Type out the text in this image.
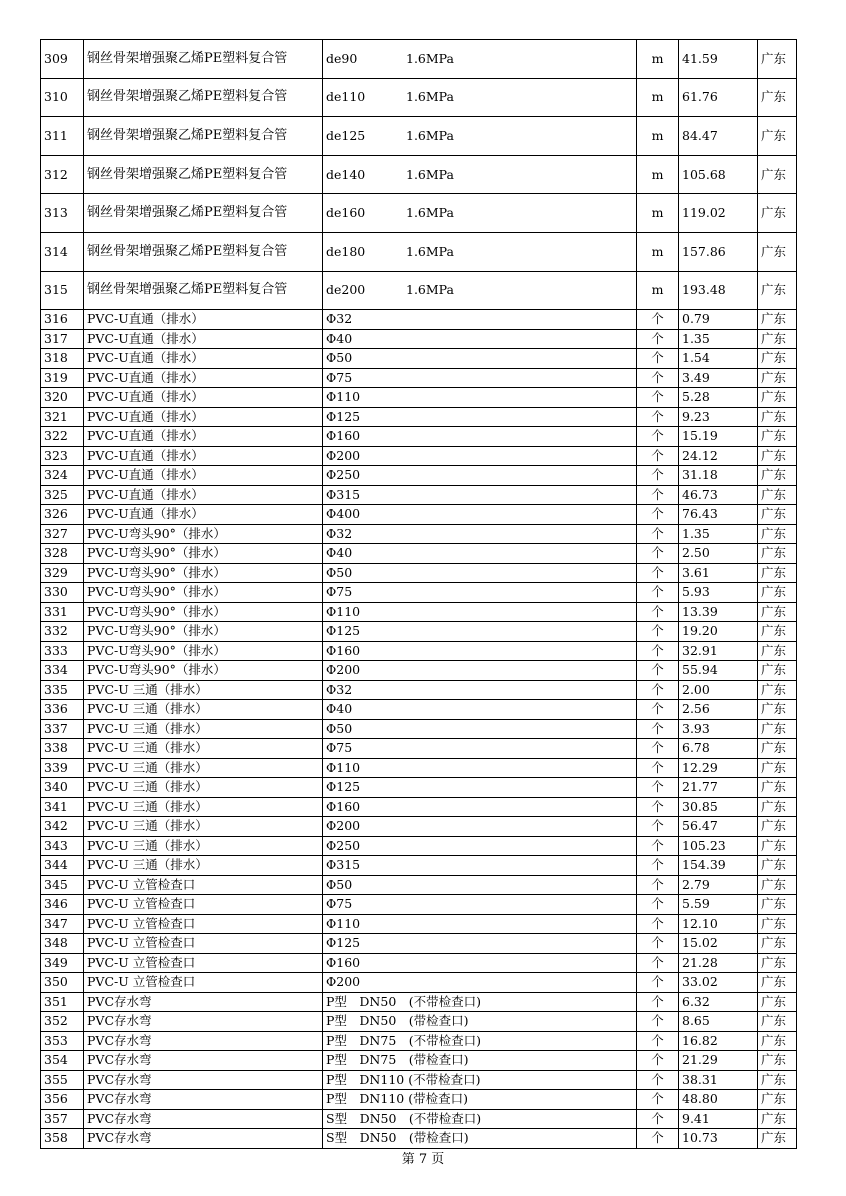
309	钢丝骨架增强聚乙烯PE塑料复合管	de90 1.6MPa	m	41.59	广东
310	钢丝骨架增强聚乙烯PE塑料复合管	de110 1.6MPa	m	61.76	广东
311	钢丝骨架增强聚乙烯PE塑料复合管	de125 1.6MPa	m	84.47	广东
312	钢丝骨架增强聚乙烯PE塑料复合管	de140 1.6MPa	m	105.68	广东
313	钢丝骨架增强聚乙烯PE塑料复合管	de160 1.6MPa	m	119.02	广东
314	钢丝骨架增强聚乙烯PE塑料复合管	de180 1.6MPa	m	157.86	广东
315	钢丝骨架增强聚乙烯PE塑料复合管	de200 1.6MPa	m	193.48	广东
316	PVC-U直通（排水）	Φ32	个	0.79	广东
317	PVC-U直通（排水）	Φ40	个	1.35	广东
318	PVC-U直通（排水）	Φ50	个	1.54	广东
319	PVC-U直通（排水）	Φ75	个	3.49	广东
320	PVC-U直通（排水）	Φ110	个	5.28	广东
321	PVC-U直通（排水）	Φ125	个	9.23	广东
322	PVC-U直通（排水）	Φ160	个	15.19	广东
323	PVC-U直通（排水）	Φ200	个	24.12	广东
324	PVC-U直通（排水）	Φ250	个	31.18	广东
325	PVC-U直通（排水）	Φ315	个	46.73	广东
326	PVC-U直通（排水）	Φ400	个	76.43	广东
327	PVC-U弯头90°（排水）	Φ32	个	1.35	广东
328	PVC-U弯头90°（排水）	Φ40	个	2.50	广东
329	PVC-U弯头90°（排水）	Φ50	个	3.61	广东
330	PVC-U弯头90°（排水）	Φ75	个	5.93	广东
331	PVC-U弯头90°（排水）	Φ110	个	13.39	广东
332	PVC-U弯头90°（排水）	Φ125	个	19.20	广东
333	PVC-U弯头90°（排水）	Φ160	个	32.91	广东
334	PVC-U弯头90°（排水）	Φ200	个	55.94	广东
335	PVC-U 三通（排水）	Φ32	个	2.00	广东
336	PVC-U 三通（排水）	Φ40	个	2.56	广东
337	PVC-U 三通（排水）	Φ50	个	3.93	广东
338	PVC-U 三通（排水）	Φ75	个	6.78	广东
339	PVC-U 三通（排水）	Φ110	个	12.29	广东
340	PVC-U 三通（排水）	Φ125	个	21.77	广东
341	PVC-U 三通（排水）	Φ160	个	30.85	广东
342	PVC-U 三通（排水）	Φ200	个	56.47	广东
343	PVC-U 三通（排水）	Φ250	个	105.23	广东
344	PVC-U 三通（排水）	Φ315	个	154.39	广东
345	PVC-U 立管检查口	Φ50	个	2.79	广东
346	PVC-U 立管检查口	Φ75	个	5.59	广东
347	PVC-U 立管检查口	Φ110	个	12.10	广东
348	PVC-U 立管检查口	Φ125	个	15.02	广东
349	PVC-U 立管检查口	Φ160	个	21.28	广东
350	PVC-U 立管检查口	Φ200	个	33.02	广东
351	PVC存水弯	P型　DN50　(不带检查口)	个	6.32	广东
352	PVC存水弯	P型　DN50　(带检查口)	个	8.65	广东
353	PVC存水弯	P型　DN75　(不带检查口)	个	16.82	广东
354	PVC存水弯	P型　DN75　(带检查口)	个	21.29	广东
355	PVC存水弯	P型　DN110 (不带检查口)	个	38.31	广东
356	PVC存水弯	P型　DN110 (带检查口)	个	48.80	广东
357	PVC存水弯	S型　DN50　(不带检查口)	个	9.41	广东
358	PVC存水弯	S型　DN50　(带检查口)	个	10.73	广东
第 7 页
